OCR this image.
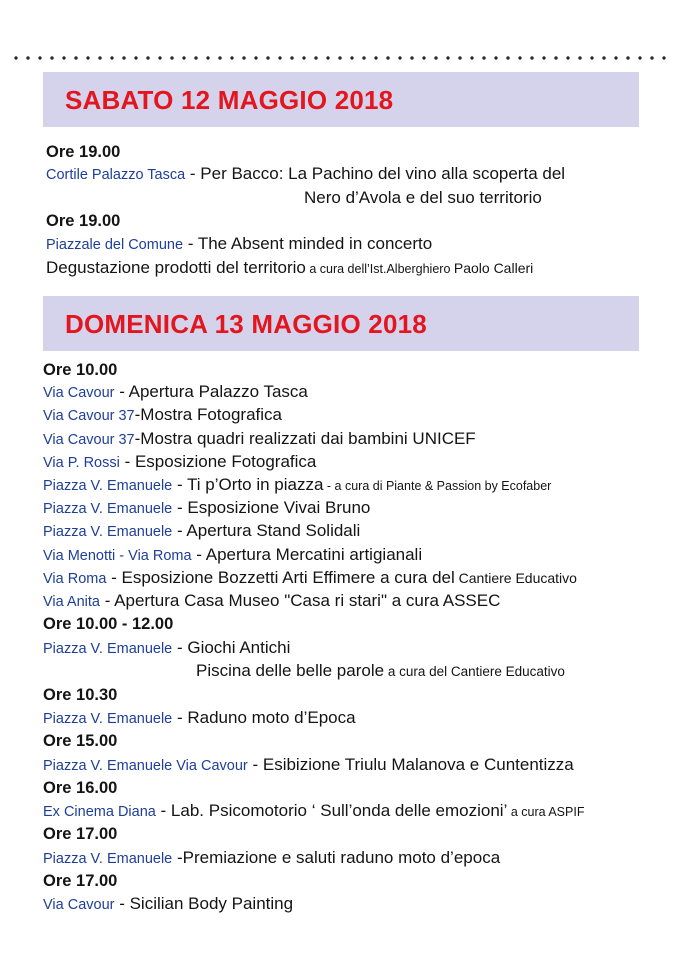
SABATO 12 MAGGIO 2018
Ore 19.00
Cortile Palazzo Tasca - Per Bacco: La Pachino del vino alla scoperta del
Nero d’Avola e del suo territorio
Ore 19.00
Piazzale del Comune - The Absent minded in concerto
Degustazione prodotti del territorio a cura dell’Ist.Alberghiero Paolo Calleri
DOMENICA 13 MAGGIO 2018
Ore 10.00
Via Cavour - Apertura Palazzo Tasca
Via Cavour 37-Mostra Fotografica
Via Cavour 37-Mostra quadri realizzati dai bambini UNICEF
Via P. Rossi - Esposizione Fotografica
Piazza V. Emanuele - Ti p’Orto in piazza - a cura di Piante & Passion by Ecofaber
Piazza V. Emanuele - Esposizione Vivai Bruno
Piazza V. Emanuele - Apertura Stand Solidali
Via Menotti - Via Roma - Apertura Mercatini artigianali
Via Roma - Esposizione Bozzetti Arti Effimere a cura del Cantiere Educativo
Via Anita - Apertura Casa Museo "Casa ri stari" a cura ASSEC
Ore 10.00 - 12.00
Piazza V. Emanuele - Giochi Antichi
Piscina delle belle parole a cura del Cantiere Educativo
Ore 10.30
Piazza V. Emanuele - Raduno moto d’Epoca
Ore 15.00
Piazza V. Emanuele Via Cavour - Esibizione Triulu Malanova e Cuntentizza
Ore 16.00
Ex Cinema Diana - Lab. Psicomotorio ‘ Sull’onda delle emozioni’ a cura ASPIF
Ore 17.00
Piazza V. Emanuele -Premiazione e saluti raduno moto d’epoca
Ore 17.00
Via Cavour - Sicilian Body Painting
